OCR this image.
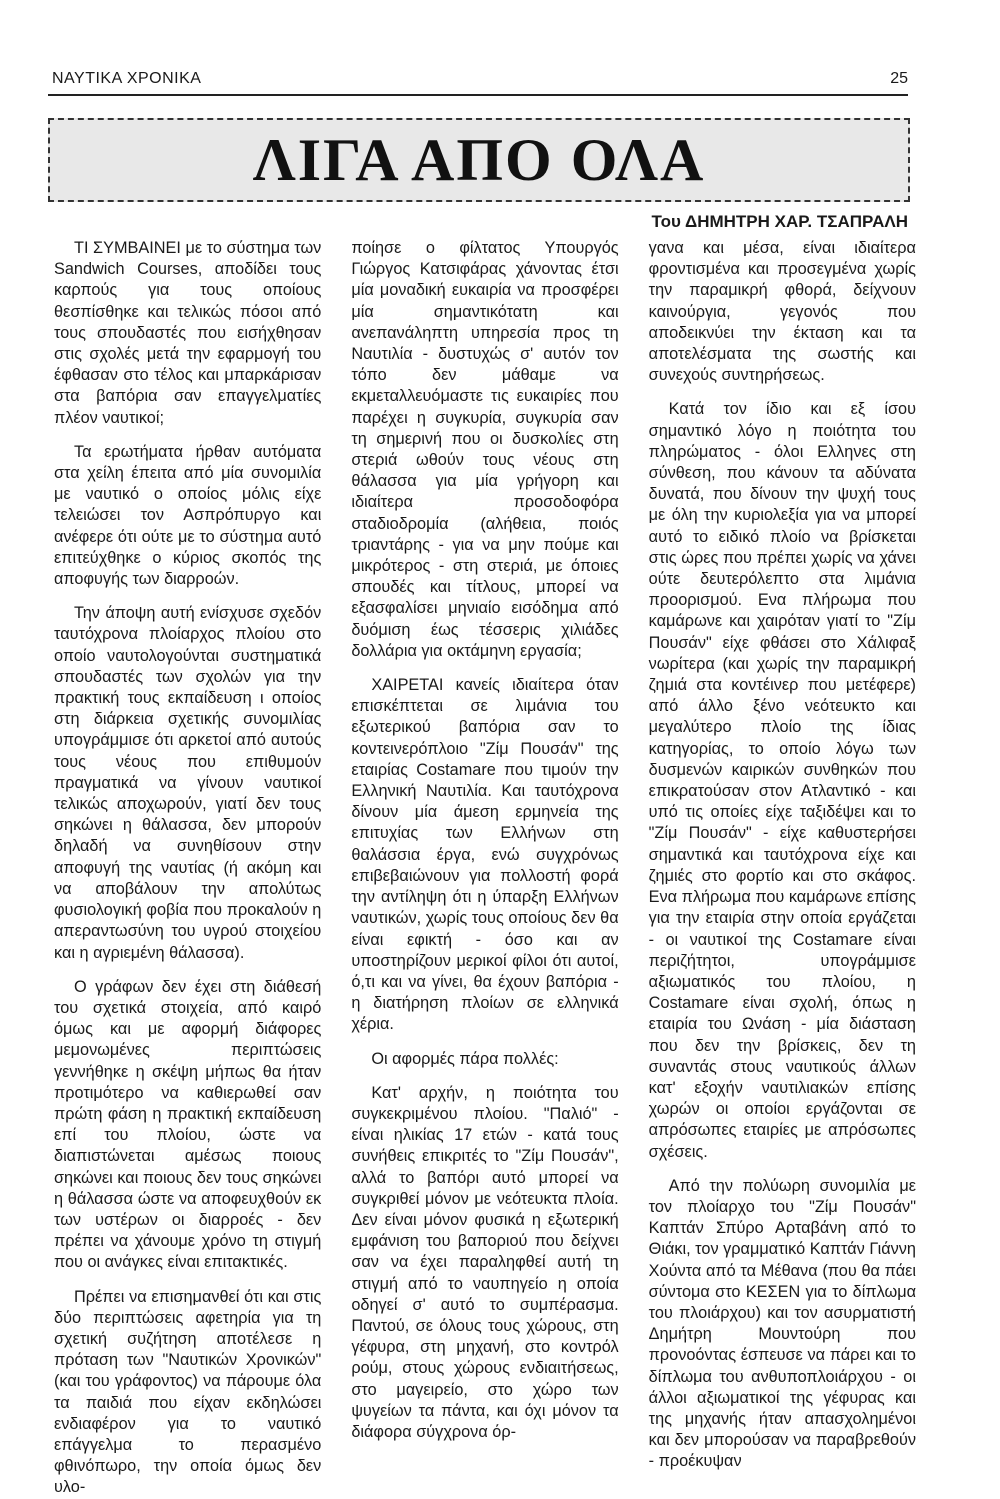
ΝΑΥΤΙΚΑ ΧΡΟΝΙΚΑ	25
ΛΙΓΑ ΑΠΟ ΟΛΑ
Του ΔΗΜΗΤΡΗ ΧΑΡ. ΤΣΑΠΡΑΛΗ

ΤΙ ΣΥΜΒΑΙΝΕΙ με το σύστημα των Sandwich Courses, αποδίδει τους καρπούς για τους οποίους θεσπίσθηκε και τελικώς πόσοι από τους σπουδαστές που εισήχθησαν στις σχολές μετά την εφαρμογή του έφθασαν στο τέλος και μπαρκάρισαν στα βαπόρια σαν επαγγελματίες πλέον ναυτικοί;

Τα ερωτήματα ήρθαν αυτόματα στα χείλη έπειτα από μία συνομιλία με ναυτικό ο οποίος μόλις είχε τελειώσει τον Ασπρόπυργο και ανέφερε ότι ούτε με το σύστημα αυτό επιτεύχθηκε ο κύριος σκοπός της αποφυγής των διαρροών.

Την άποψη αυτή ενίσχυσε σχεδόν ταυτόχρονα πλοίαρχος πλοίου στο οποίο ναυτολογούνται συστηματικά σπουδαστές των σχολών για την πρακτική τους εκπαίδευση ι οποίος στη διάρκεια σχετικής συνομιλίας υπογράμμισε ότι αρκετοί από αυτούς τους νέους που επιθυμούν πραγματικά να γίνουν ναυτικοί τελικώς αποχωρούν, γιατί δεν τους σηκώνει η θάλασσα, δεν μπορούν δηλαδή να συνηθίσουν στην αποφυγή της ναυτίας (ή ακόμη και να αποβάλουν την απολύτως φυσιολογική φοβία που προκαλούν η απεραντωσύνη του υγρού στοιχείου και η αγριεμένη θάλασσα).

Ο γράφων δεν έχει στη διάθεσή του σχετικά στοιχεία, από καιρό όμως και με αφορμή διάφορες μεμονωμένες περιπτώσεις γεννήθηκε η σκέψη μήπως θα ήταν προτιμότερο να καθιερωθεί σαν πρώτη φάση η πρακτική εκπαίδευση επί του πλοίου, ώστε να διαπιστώνεται αμέσως ποιους σηκώνει και ποιους δεν τους σηκώνει η θάλασσα ώστε να αποφευχθούν εκ των υστέρων οι διαρροές - δεν πρέπει να χάνουμε χρόνο τη στιγμή που οι ανάγκες είναι επιτακτικές.

Πρέπει να επισημανθεί ότι και στις δύο περιπτώσεις αφετηρία για τη σχετική συζήτηση αποτέλεσε η πρόταση των "Ναυτικών Χρονικών" (και του γράφοντος) να πάρουμε όλα τα παιδιά που είχαν εκδηλώσει ενδιαφέρον για το ναυτικό επάγγελμα το περασμένο φθινόπωρο, την οποία όμως δεν υλο-

ποίησε ο φίλτατος Υπουργός Γιώργος Κατσιφάρας χάνοντας έτσι μία μοναδική ευκαιρία να προσφέρει μία σημαντικότατη και ανεπανάληπτη υπηρεσία προς τη Ναυτιλία - δυστυχώς σ' αυτόν τον τόπο δεν μάθαμε να εκμεταλλευόμαστε τις ευκαιρίες που παρέχει η συγκυρία, συγκυρία σαν τη σημερινή που οι δυσκολίες στη στεριά ωθούν τους νέους στη θάλασσα για μία γρήγορη και ιδιαίτερα προσοδοφόρα σταδιοδρομία (αλήθεια, ποιός τριαντάρης - για να μην πούμε και μικρότερος - στη στεριά, με όποιες σπουδές και τίτλους, μπορεί να εξασφαλίσει μηνιαίο εισόδημα από δυόμιση έως τέσσερις χιλιάδες δολλάρια για οκτάμηνη εργασία;

ΧΑΙΡΕΤΑΙ κανείς ιδιαίτερα όταν επισκέπτεται σε λιμάνια του εξωτερικού βαπόρια σαν το κοντεινερόπλοιο "Ζίμ Πουσάν" της εταιρίας Costamare που τιμούν την Ελληνική Ναυτιλία. Και ταυτόχρονα δίνουν μία άμεση ερμηνεία της επιτυχίας των Ελλήνων στη θαλάσσια έργα, ενώ συγχρόνως επιβεβαιώνουν για πολλοστή φορά την αντίληψη ότι η ύπαρξη Ελλήνων ναυτικών, χωρίς τους οποίους δεν θα είναι εφικτή - όσο και αν υποστηρίζουν μερικοί φίλοι ότι αυτοί, ό,τι και να γίνει, θα έχουν βαπόρια - η διατήρηση πλοίων σε ελληνικά χέρια.

Οι αφορμές πάρα πολλές:

Κατ' αρχήν, η ποιότητα του συγκεκριμένου πλοίου. "Παλιό" - είναι ηλικίας 17 ετών - κατά τους συνήθεις επικριτές το "Ζίμ Πουσάν", αλλά το βαπόρι αυτό μπορεί να συγκριθεί μόνον με νεότευκτα πλοία. Δεν είναι μόνον φυσικά η εξωτερική εμφάνιση του βαποριού που δείχνει σαν να έχει παραληφθεί αυτή τη στιγμή από το ναυπηγείο η οποία οδηγεί σ' αυτό το συμπέρασμα. Παντού, σε όλους τους χώρους, στη γέφυρα, στη μηχανή, στο κοντρόλ ρούμ, στους χώρους ενδιαιτήσεως, στο μαγειρείο, στο χώρο των ψυγείων τα πάντα, και όχι μόνον τα διάφορα σύγχρονα όρ-

γανα και μέσα, είναι ιδιαίτερα φροντισμένα και προσεγμένα χωρίς την παραμικρή φθορά, δείχνουν καινούργια, γεγονός που αποδεικνύει την έκταση και τα αποτελέσματα της σωστής και συνεχούς συντηρήσεως.

Κατά τον ίδιο και εξ ίσου σημαντικό λόγο η ποιότητα του πληρώματος - όλοι Ελληνες στη σύνθεση, που κάνουν τα αδύνατα δυνατά, που δίνουν την ψυχή τους με όλη την κυριολεξία για να μπορεί αυτό το ειδικό πλοίο να βρίσκεται στις ώρες που πρέπει χωρίς να χάνει ούτε δευτερόλεπτο στα λιμάνια προορισμού. Ενα πλήρωμα που καμάρωνε και χαιρόταν γιατί το "Ζίμ Πουσάν" είχε φθάσει στο Χάλιφαξ νωρίτερα (και χωρίς την παραμικρή ζημιά στα κοντέινερ που μετέφερε) από άλλο ξένο νεότευκτο και μεγαλύτερο πλοίο της ίδιας κατηγορίας, το οποίο λόγω των δυσμενών καιρικών συνθηκών που επικρατούσαν στον Ατλαντικό - και υπό τις οποίες είχε ταξιδέψει και το "Ζίμ Πουσάν" - είχε καθυστερήσει σημαντικά και ταυτόχρονα είχε και ζημιές στο φορτίο και στο σκάφος. Ενα πλήρωμα που καμάρωνε επίσης για την εταιρία στην οποία εργάζεται - οι ναυτικοί της Costamare είναι περιζήτητοι, υπογράμμισε αξιωματικός του πλοίου, η Costamare είναι σχολή, όπως η εταιρία του Ωνάση - μία διάσταση που δεν την βρίσκεις, δεν τη συναντάς στους ναυτικούς άλλων κατ' εξοχήν ναυτιλιακών επίσης χωρών οι οποίοι εργάζονται σε απρόσωπες εταιρίες με απρόσωπες σχέσεις.

Από την πολύωρη συνομιλία με τον πλοίαρχο του "Ζίμ Πουσάν" Καπτάν Σπύρο Αρταβάνη από το Θιάκι, τον γραμματικό Καπτάν Γιάννη Χούντα από τα Μέθανα (που θα πάει σύντομα στο ΚΕΣΕΝ για το δίπλωμα του πλοιάρχου) και τον ασυρματιστή Δημήτρη Μουντούρη που προνοόντας έσπευσε να πάρει και το δίπλωμα του ανθυποπλοιάρχου - οι άλλοι αξιωματικοί της γέφυρας και της μηχανής ήταν απασχολημένοι και δεν μπορούσαν να παραβρεθούν - προέκυψαν
